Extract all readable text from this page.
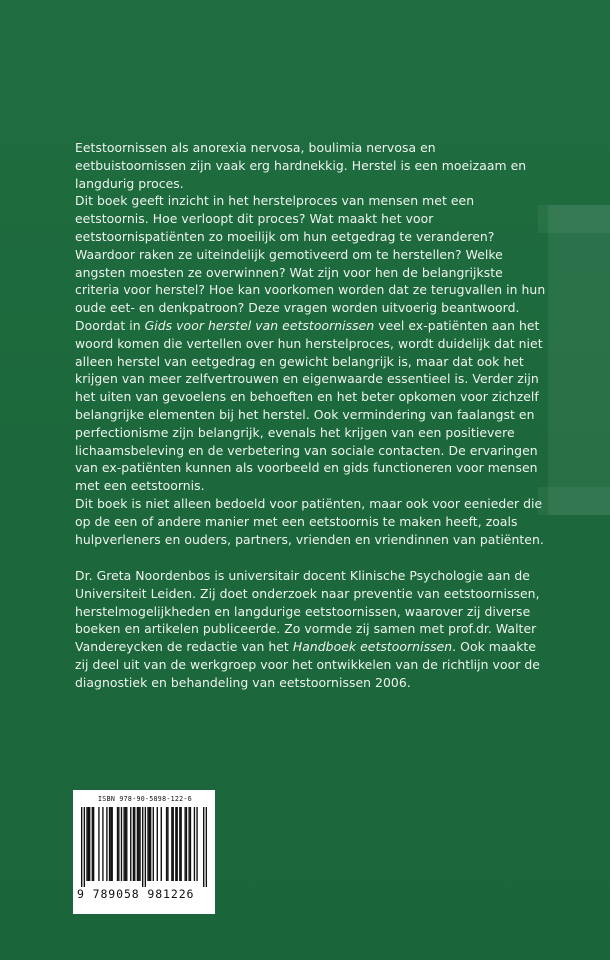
Eetstoornissen als anorexia nervosa, boulimia nervosa en eetbuistoornissen zijn vaak erg hardnekkig. Herstel is een moeizaam en langdurig proces.

Dit boek geeft inzicht in het herstelproces van mensen met een eetstoornis. Hoe verloopt dit proces? Wat maakt het voor eetstoornispatiënten zo moeilijk om hun eetgedrag te veranderen? Waardoor raken ze uiteindelijk gemotiveerd om te herstellen? Welke angsten moesten ze overwinnen? Wat zijn voor hen de belangrijkste criteria voor herstel? Hoe kan voorkomen worden dat ze terugvallen in hun oude eet- en denkpatroon? Deze vragen worden uitvoerig beantwoord.

Doordat in Gids voor herstel van eetstoornissen veel ex-patiënten aan het woord komen die vertellen over hun herstelproces, wordt duidelijk dat niet alleen herstel van eetgedrag en gewicht belangrijk is, maar dat ook het krijgen van meer zelfvertrouwen en eigenwaarde essentieel is. Verder zijn het uiten van gevoelens en behoeften en het beter opkomen voor zichzelf belangrijke elementen bij het herstel. Ook vermindering van faalangst en perfectionisme zijn belangrijk, evenals het krijgen van een positievere lichaamsbeleving en de verbetering van sociale contacten. De ervaringen van ex-patiënten kunnen als voorbeeld en gids functioneren voor mensen met een eetstoornis.

Dit boek is niet alleen bedoeld voor patiënten, maar ook voor eenieder die op de een of andere manier met een eetstoornis te maken heeft, zoals hulpverleners en ouders, partners, vrienden en vriendinnen van patiënten.

Dr. Greta Noordenbos is universitair docent Klinische Psychologie aan de Universiteit Leiden. Zij doet onderzoek naar preventie van eetstoornissen, herstelmogelijkheden en langdurige eetstoornissen, waarover zij diverse boeken en artikelen publiceerde. Zo vormde zij samen met prof.dr. Walter Vandereycken de redactie van het Handboek eetstoornissen. Ook maakte zij deel uit van de werkgroep voor het ontwikkelen van de richtlijn voor de diagnostiek en behandeling van eetstoornissen 2006.

ISBN 978-90-5898-122-6
9 789058 981226
